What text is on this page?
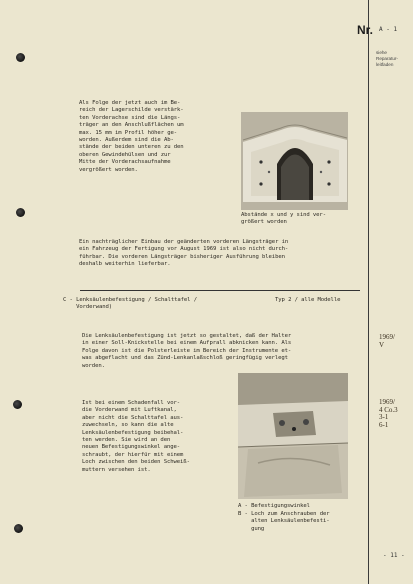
Nr. A - 1
siehe
Reparatur-
leitfaden
Als Folge der jetzt auch im Be-
reich der Lagerschilde verstärk-
ten Vorderachse sind die Längs-
träger an den Anschlußflächen um
max. 15 mm im Profil höher ge-
worden. Außerdem sind die Ab-
stände der beiden unteren zu den
oberen Gewindehülsen und zur
Mitte der Vorderachsaufnahme
vergrößert worden.
Abstände x und y sind ver-
größert worden
Ein nachträglicher Einbau der geänderten vorderen Längsträger in
ein Fahrzeug der Fertigung vor August 1969 ist also nicht durch-
führbar. Die vorderen Längsträger bisheriger Ausführung bleiben
deshalb weiterhin lieferbar.
C - Lenksäulenbefestigung / Schalttafel /
Vorderwand)
Typ 2 / alle Modelle
Die Lenksäulenbefestigung ist jetzt so gestaltet, daß der Halter
in einer Soll-Knickstelle bei einem Aufprall abknicken kann. Als
Folge davon ist die Polsterleiste im Bereich der Instrumente et-
was abgeflacht und das Zünd-Lenkanlaßschloß geringfügig verlegt
worden.
1969/
V
Ist bei einem Schadenfall vor-
die Vorderwand mit Luftkanal,
aber nicht die Schalttafel aus-
zuwechseln, so kann die alte
Lenksäulenbefestigung beibehal-
ten werden. Sie wird an den
neuen Befestigungswinkel ange-
schraubt, der hierfür mit einem
Loch zwischen den beiden Schweiß-
muttern versehen ist.
1969/
4 Co.3
3-1
6-1
A - Befestigungswinkel
B - Loch zum Anschrauben der
alten Lenksäulenbefesti-
gung
- 11 -
